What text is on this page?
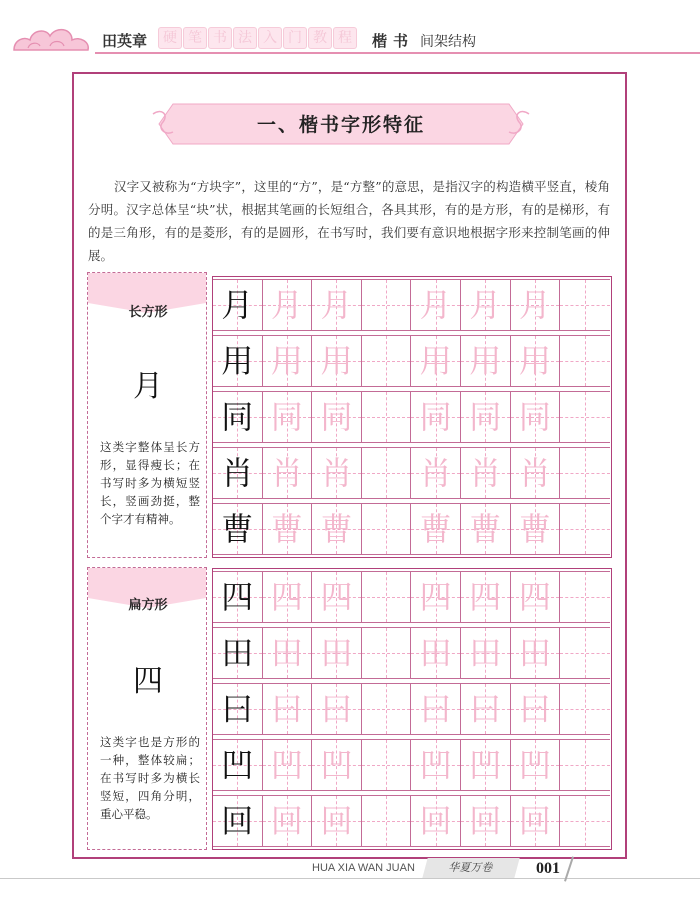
田英章	硬 笔 书 法 入 门 教 程	楷书 间架结构
一、楷书字形特征
汉字又被称为“方块字”，这里的“方”，是“方整”的意思，是指汉字的构造横平竖直，棱角分明。汉字总体呈“块”状，根据其笔画的长短组合，各具其形，有的是方形，有的是梯形，有的是三角形，有的是菱形，有的是圆形，在书写时，我们要有意识地根据字形来控制笔画的伸展。
长方形
月
这类字整体呈长方形，显得瘦长；在书写时多为横短竖长，竖画劲挺，整个字才有精神。
扁方形
四
这类字也是方形的一种，整体较扁；在书写时多为横长竖短，四角分明，重心平稳。
月 月 月 月 月 月
用 用 用 用 用 用
同 同 同 同 同 同
肖 肖 肖 肖 肖 肖
曹 曹 曹 曹 曹 曹
四 四 四 四 四 四
田 田 田 田 田 田
曰 曰 曰 曰 曰 曰
凹 凹 凹 凹 凹 凹
回 回 回 回 回 回
HUA XIA WAN JUAN	华夏万卷	001
